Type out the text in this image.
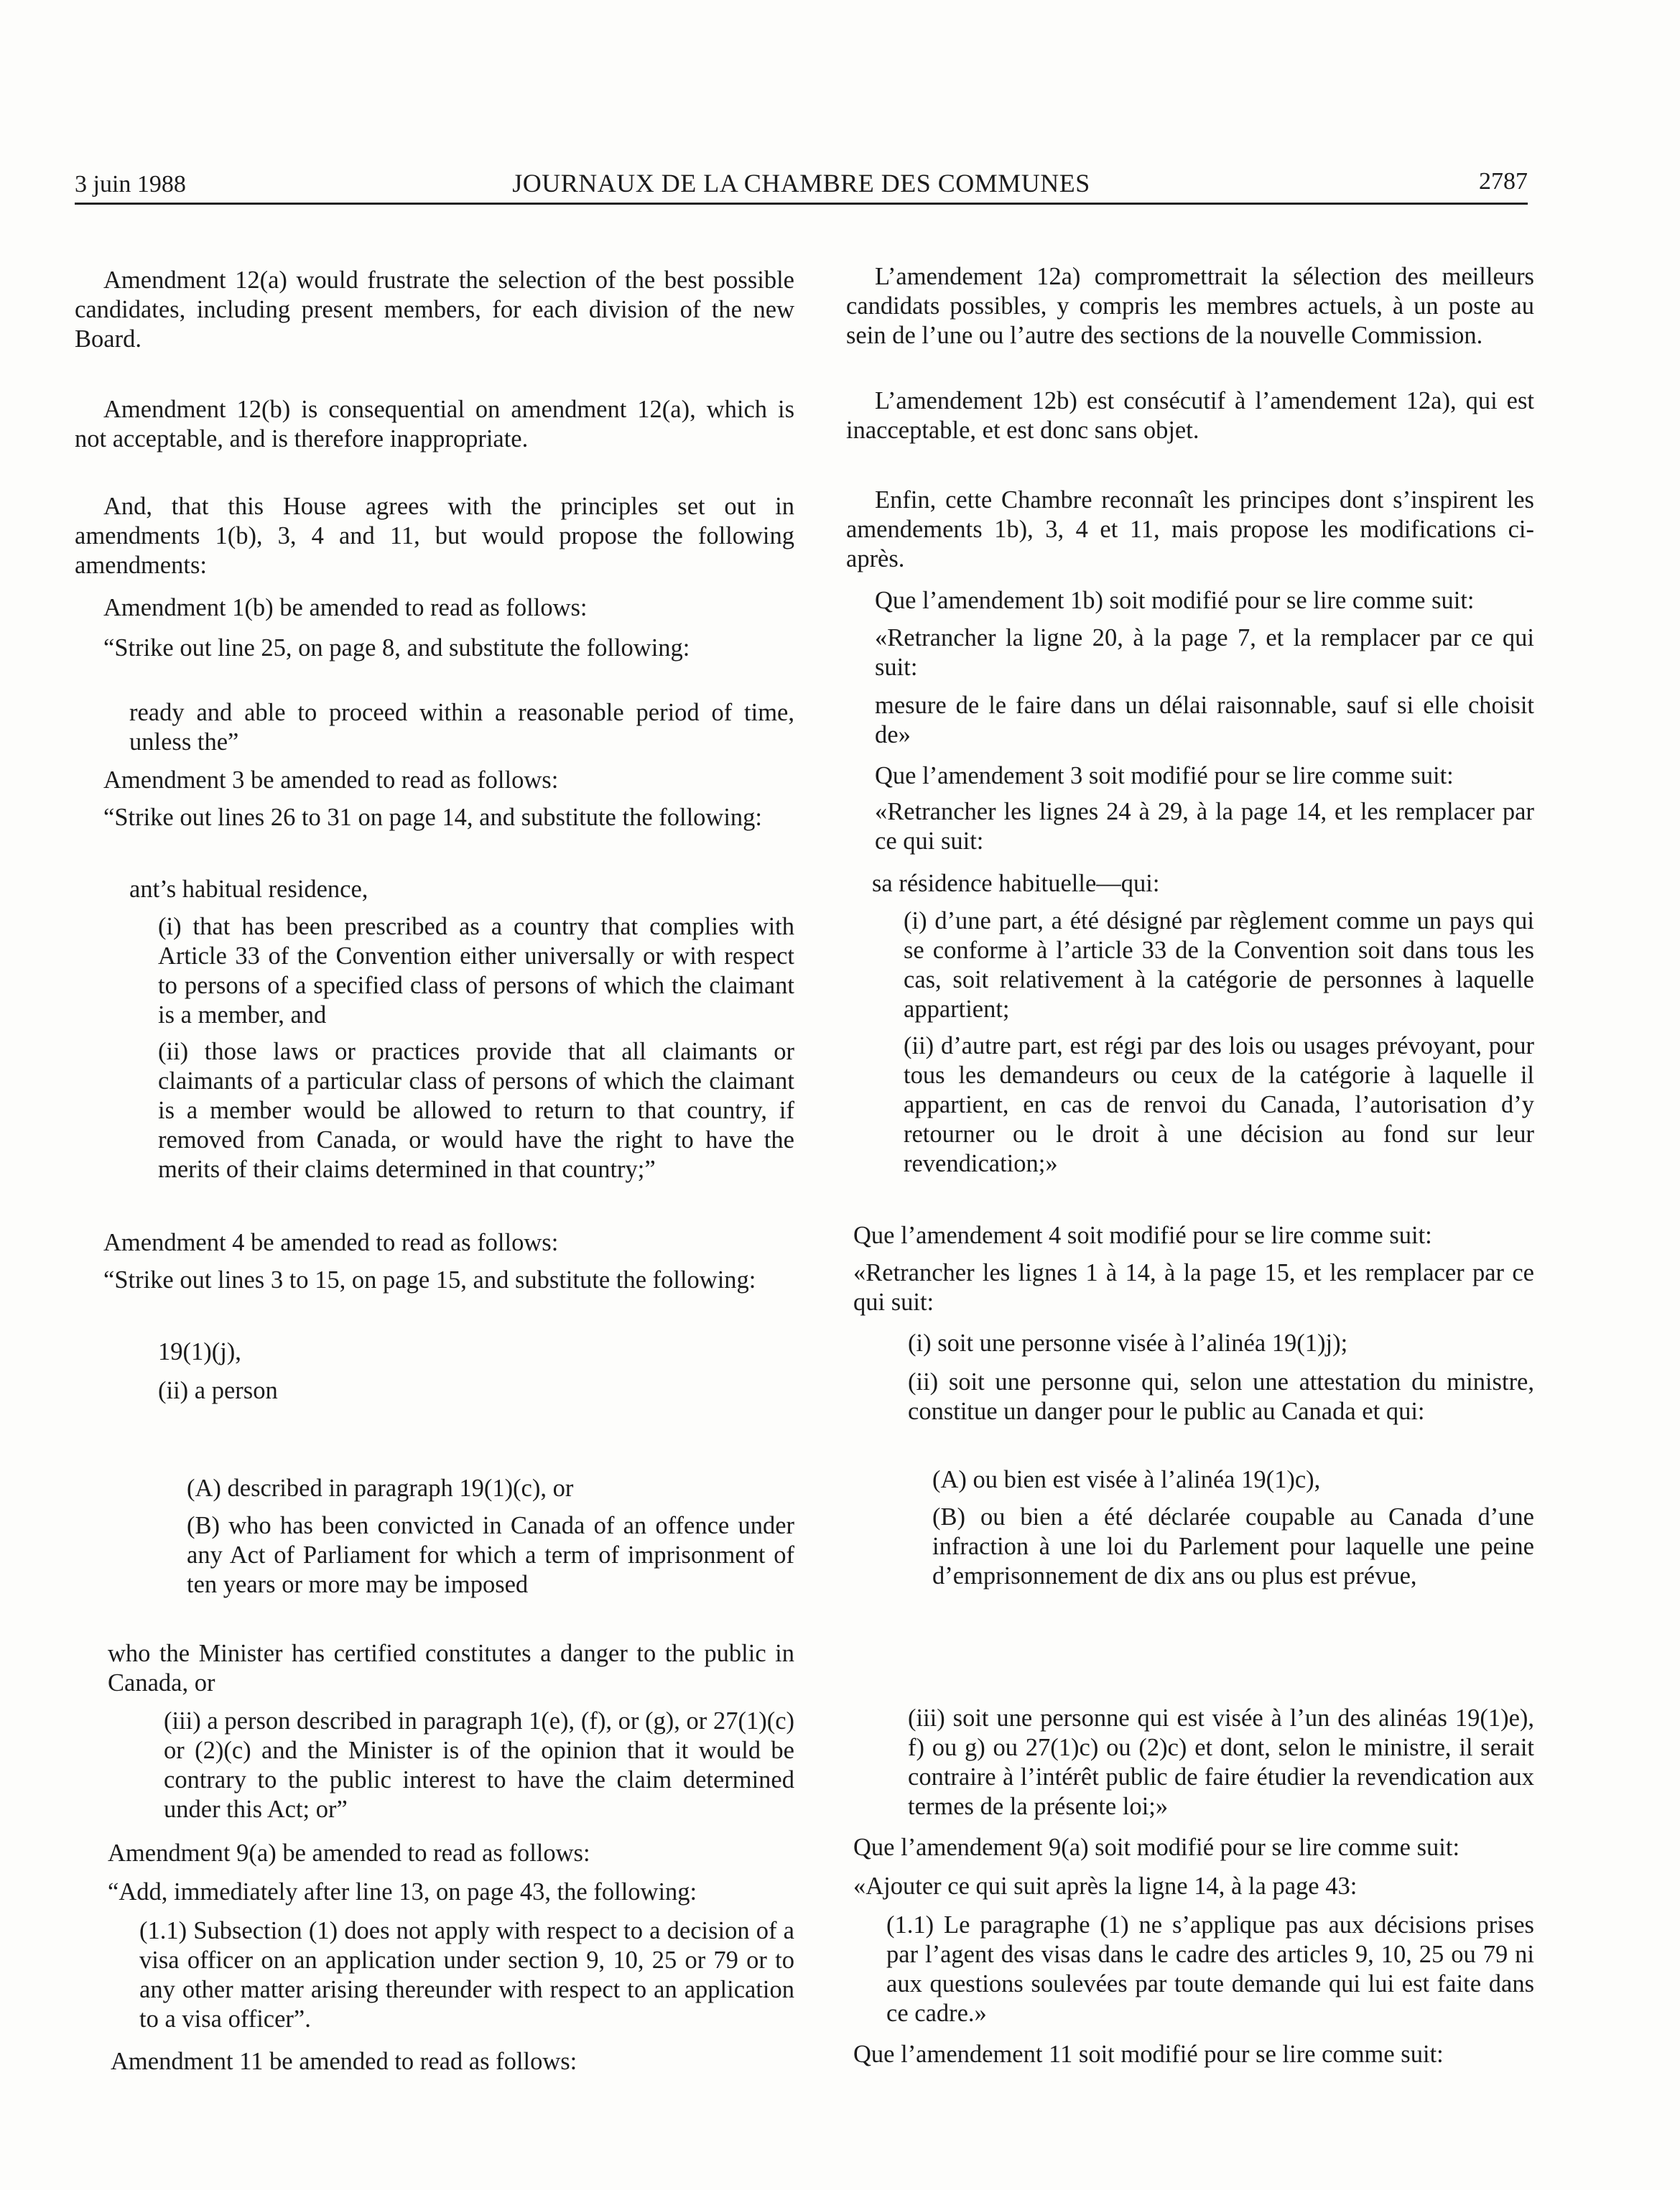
3 juin 1988	JOURNAUX DE LA CHAMBRE DES COMMUNES	2787

Amendment 12(a) would frustrate the selection of the best possible candidates, including present members, for each division of the new Board.

Amendment 12(b) is consequential on amendment 12(a), which is not acceptable, and is therefore inappropriate.

And, that this House agrees with the principles set out in amendments 1(b), 3, 4 and 11, but would propose the following amendments:

Amendment 1(b) be amended to read as follows:

“Strike out line 25, on page 8, and substitute the following:

ready and able to proceed within a reasonable period of time, unless the”

Amendment 3 be amended to read as follows:

“Strike out lines 26 to 31 on page 14, and substitute the following:

ant’s habitual residence,

(i) that has been prescribed as a country that complies with Article 33 of the Convention either universally or with respect to persons of a specified class of persons of which the claimant is a member, and

(ii) those laws or practices provide that all claimants or claimants of a particular class of persons of which the claimant is a member would be allowed to return to that country, if removed from Canada, or would have the right to have the merits of their claims determined in that country;”

Amendment 4 be amended to read as follows:

“Strike out lines 3 to 15, on page 15, and substitute the following:

19(1)(j),

(ii) a person

(A) described in paragraph 19(1)(c), or

(B) who has been convicted in Canada of an offence under any Act of Parliament for which a term of imprisonment of ten years or more may be imposed

who the Minister has certified constitutes a danger to the public in Canada, or

(iii) a person described in paragraph 1(e), (f), or (g), or 27(1)(c) or (2)(c) and the Minister is of the opinion that it would be contrary to the public interest to have the claim determined under this Act; or”

Amendment 9(a) be amended to read as follows:

“Add, immediately after line 13, on page 43, the following:

(1.1) Subsection (1) does not apply with respect to a decision of a visa officer on an application under section 9, 10, 25 or 79 or to any other matter arising thereunder with respect to an application to a visa officer”.

Amendment 11 be amended to read as follows:

L’amendement 12a) compromettrait la sélection des meilleurs candidats possibles, y compris les membres actuels, à un poste au sein de l’une ou l’autre des sections de la nouvelle Commission.

L’amendement 12b) est consécutif à l’amendement 12a), qui est inacceptable, et est donc sans objet.

Enfin, cette Chambre reconnaît les principes dont s’inspirent les amendements 1b), 3, 4 et 11, mais propose les modifications ci-après.

Que l’amendement 1b) soit modifié pour se lire comme suit:

«Retrancher la ligne 20, à la page 7, et la remplacer par ce qui suit:

mesure de le faire dans un délai raisonnable, sauf si elle choisit de»

Que l’amendement 3 soit modifié pour se lire comme suit:

«Retrancher les lignes 24 à 29, à la page 14, et les remplacer par ce qui suit:

sa résidence habituelle—qui:

(i) d’une part, a été désigné par règlement comme un pays qui se conforme à l’article 33 de la Convention soit dans tous les cas, soit relativement à la catégorie de personnes à laquelle appartient;

(ii) d’autre part, est régi par des lois ou usages prévoyant, pour tous les demandeurs ou ceux de la catégorie à laquelle il appartient, en cas de renvoi du Canada, l’autorisation d’y retourner ou le droit à une décision au fond sur leur revendication;»

Que l’amendement 4 soit modifié pour se lire comme suit:

«Retrancher les lignes 1 à 14, à la page 15, et les remplacer par ce qui suit:

(i) soit une personne visée à l’alinéa 19(1)j);

(ii) soit une personne qui, selon une attestation du ministre, constitue un danger pour le public au Canada et qui:

(A) ou bien est visée à l’alinéa 19(1)c),

(B) ou bien a été déclarée coupable au Canada d’une infraction à une loi du Parlement pour laquelle une peine d’emprisonnement de dix ans ou plus est prévue,

(iii) soit une personne qui est visée à l’un des alinéas 19(1)e), f) ou g) ou 27(1)c) ou (2)c) et dont, selon le ministre, il serait contraire à l’intérêt public de faire étudier la revendication aux termes de la présente loi;»

Que l’amendement 9(a) soit modifié pour se lire comme suit:

«Ajouter ce qui suit après la ligne 14, à la page 43:

(1.1) Le paragraphe (1) ne s’applique pas aux décisions prises par l’agent des visas dans le cadre des articles 9, 10, 25 ou 79 ni aux questions soulevées par toute demande qui lui est faite dans ce cadre.»

Que l’amendement 11 soit modifié pour se lire comme suit:
